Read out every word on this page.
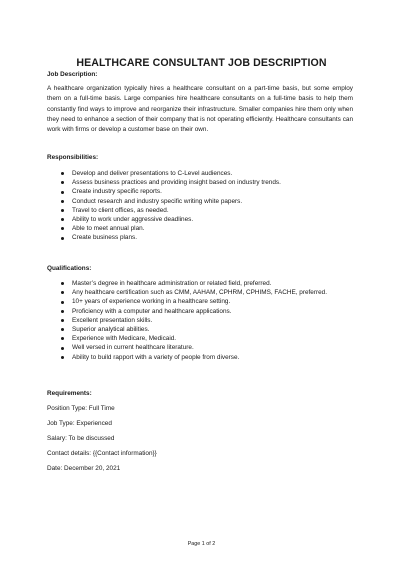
HEALTHCARE CONSULTANT JOB DESCRIPTION

Job Description:

A healthcare organization typically hires a healthcare consultant on a part-time basis, but some employ them on a full-time basis. Large companies hire healthcare consultants on a full-time basis to help them constantly find ways to improve and reorganize their infrastructure. Smaller companies hire them only when they need to enhance a section of their company that is not operating efficiently. Healthcare consultants can work with firms or develop a customer base on their own.

Responsibilities:

Develop and deliver presentations to C-Level audiences.
Assess business practices and providing insight based on industry trends.
Create industry specific reports.
Conduct research and industry specific writing white papers.
Travel to client offices, as needed.
Ability to work under aggressive deadlines.
Able to meet annual plan.
Create business plans.

Qualifications:

Master’s degree in healthcare administration or related field, preferred.
Any healthcare certification such as CMM, AAHAM, CPHRM, CPHIMS, FACHE, preferred.
10+ years of experience working in a healthcare setting.
Proficiency with a computer and healthcare applications.
Excellent presentation skills.
Superior analytical abilities.
Experience with Medicare, Medicaid.
Well versed in current healthcare literature.
Ability to build rapport with a variety of people from diverse.

Requirements:

Position Type: Full Time

Job Type: Experienced

Salary: To be discussed

Contact details: {{Contact information}}

Date: December 20, 2021

Page 1 of 2
